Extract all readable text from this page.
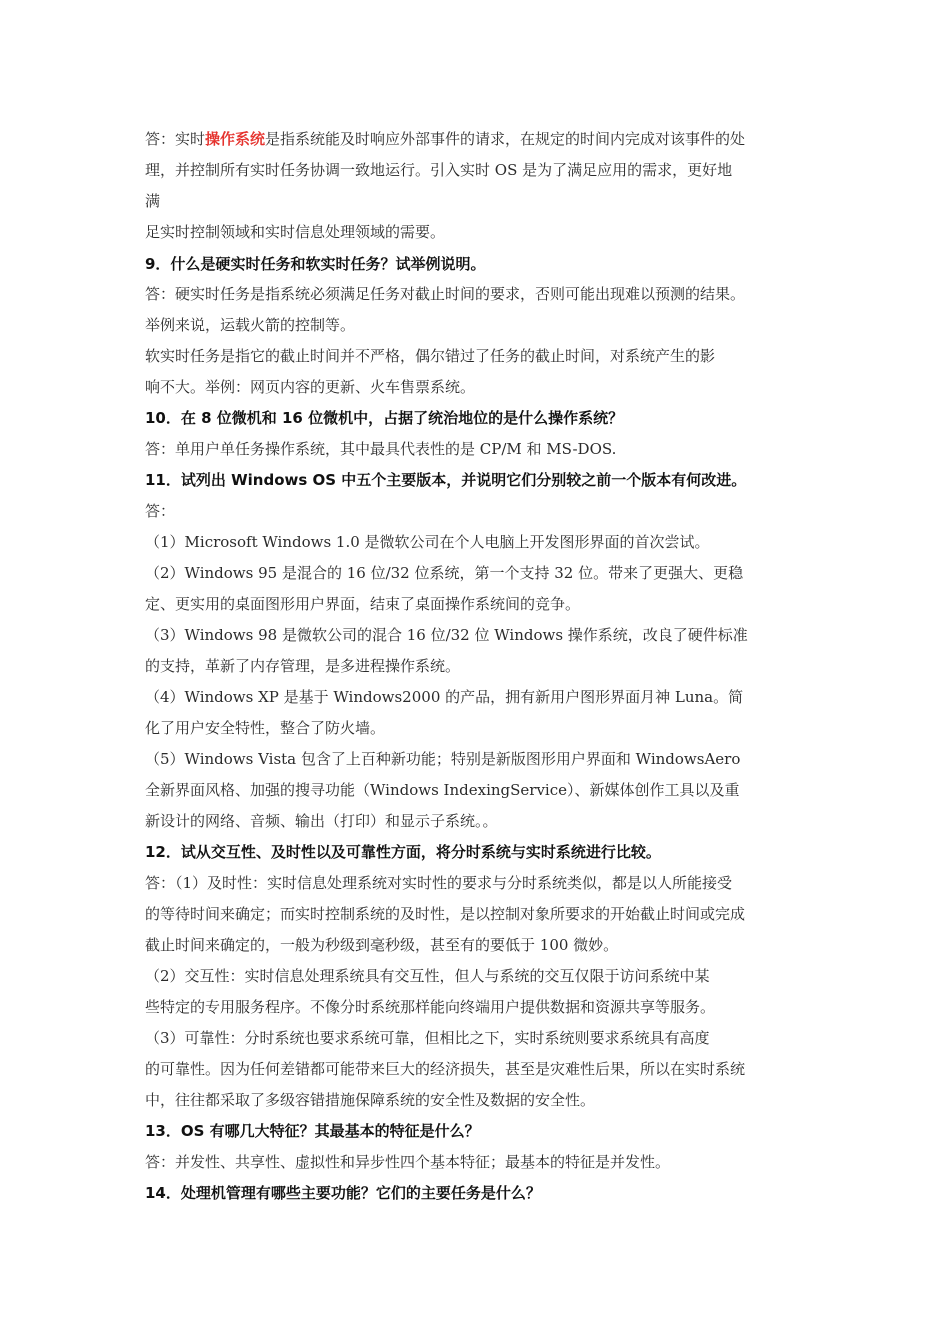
答：实时操作系统是指系统能及时响应外部事件的请求，在规定的时间内完成对该事件的处
理，并控制所有实时任务协调一致地运行。引入实时 OS 是为了满足应用的需求，更好地
满
足实时控制领域和实时信息处理领域的需要。
9．什么是硬实时任务和软实时任务？试举例说明。
答：硬实时任务是指系统必须满足任务对截止时间的要求，否则可能出现难以预测的结果。
举例来说，运载火箭的控制等。
软实时任务是指它的截止时间并不严格，偶尔错过了任务的截止时间，对系统产生的影
响不大。举例：网页内容的更新、火车售票系统。
10．在 8 位微机和 16 位微机中，占据了统治地位的是什么操作系统？
答：单用户单任务操作系统，其中最具代表性的是 CP/M 和 MS-DOS.
11．试列出 Windows OS 中五个主要版本，并说明它们分别较之前一个版本有何改进。
答：
（1）Microsoft Windows 1.0 是微软公司在个人电脑上开发图形界面的首次尝试。
（2）Windows 95 是混合的 16 位/32 位系统，第一个支持 32 位。带来了更强大、更稳
定、更实用的桌面图形用户界面，结束了桌面操作系统间的竞争。
（3）Windows 98 是微软公司的混合 16 位/32 位 Windows 操作系统，改良了硬件标准
的支持，革新了内存管理，是多进程操作系统。
（4）Windows XP 是基于 Windows2000 的产品，拥有新用户图形界面月神 Luna。简
化了用户安全特性，整合了防火墙。
（5）Windows Vista 包含了上百种新功能；特别是新版图形用户界面和 WindowsAero
全新界面风格、加强的搜寻功能（Windows IndexingService）、新媒体创作工具以及重
新设计的网络、音频、输出（打印）和显示子系统。。
12．试从交互性、及时性以及可靠性方面，将分时系统与实时系统进行比较。
答：（1）及时性：实时信息处理系统对实时性的要求与分时系统类似，都是以人所能接受
的等待时间来确定；而实时控制系统的及时性，是以控制对象所要求的开始截止时间或完成
截止时间来确定的，一般为秒级到毫秒级，甚至有的要低于 100 微妙。
（2）交互性：实时信息处理系统具有交互性，但人与系统的交互仅限于访问系统中某
些特定的专用服务程序。不像分时系统那样能向终端用户提供数据和资源共享等服务。
（3）可靠性：分时系统也要求系统可靠，但相比之下，实时系统则要求系统具有高度
的可靠性。因为任何差错都可能带来巨大的经济损失，甚至是灾难性后果，所以在实时系统
中，往往都采取了多级容错措施保障系统的安全性及数据的安全性。
13．OS 有哪几大特征？其最基本的特征是什么？
答：并发性、共享性、虚拟性和异步性四个基本特征；最基本的特征是并发性。
14．处理机管理有哪些主要功能？它们的主要任务是什么？
